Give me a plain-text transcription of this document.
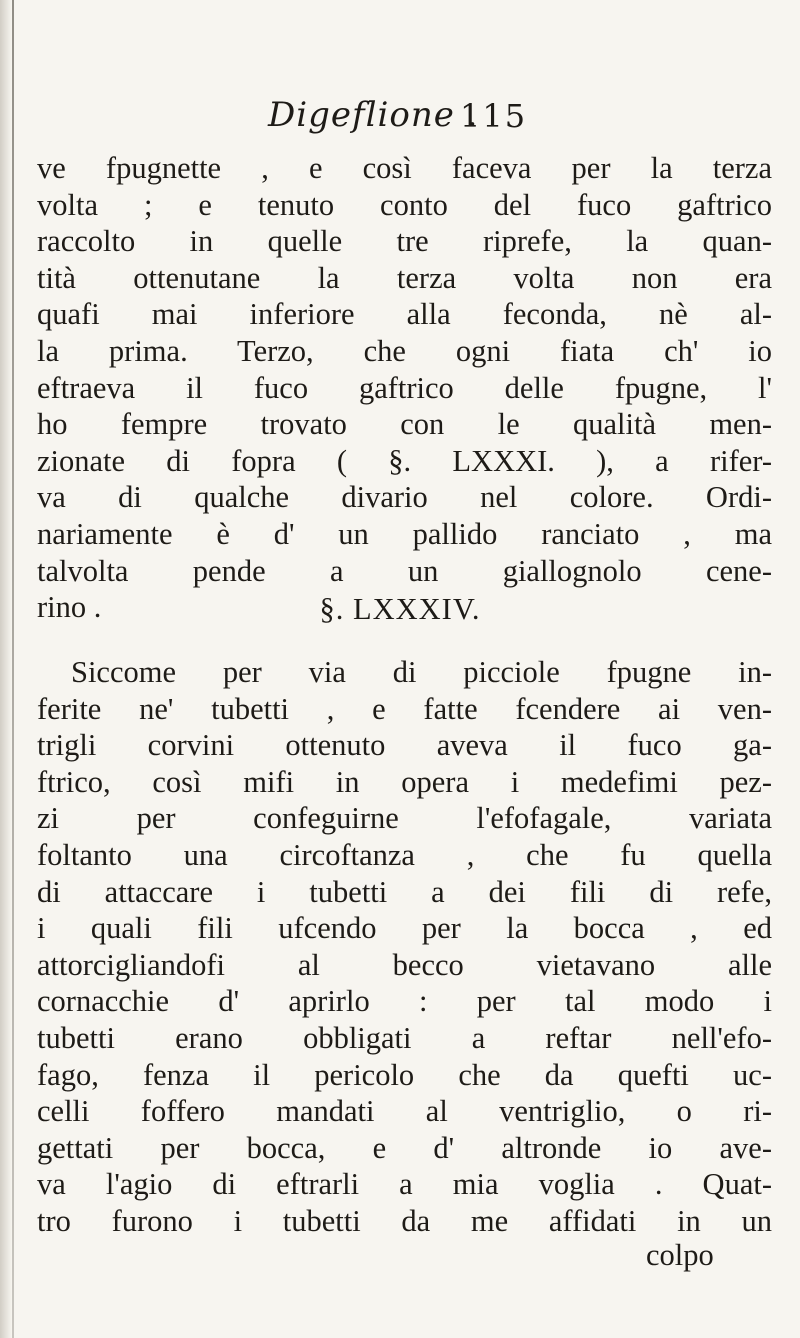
Digeflione .
115
ve fpugnette , e così faceva per la terza
volta ; e tenuto conto del fuco gaftrico
raccolto in quelle tre riprefe, la quan-
tità ottenutane la terza volta non era
quafi mai inferiore alla feconda, nè al-
la prima. Terzo, che ogni fiata ch' io
eftraeva il fuco gaftrico delle fpugne, l'
ho fempre trovato con le qualità men-
zionate di fopra ( §. LXXXI. ), a rifer-
va di qualche divario nel colore. Ordi-
nariamente è d' un pallido ranciato , ma
talvolta pende a un giallognolo cene-
rino .	§. LXXXIV.
Siccome per via di picciole fpugne in-
ferite ne' tubetti , e fatte fcendere ai ven-
trigli corvini ottenuto aveva il fuco ga-
ftrico, così mifi in opera i medefimi pez-
zi per confeguirne l'efofagale, variata
foltanto una circoftanza , che fu quella
di attaccare i tubetti a dei fili di refe,
i quali fili ufcendo per la bocca , ed
attorcigliandofi al becco vietavano alle
cornacchie d' aprirlo : per tal modo i
tubetti erano obbligati a reftar nell'efo-
fago, fenza il pericolo che da quefti uc-
celli foffero mandati al ventriglio, o ri-
gettati per bocca, e d' altronde io ave-
va l'agio di eftrarli a mia voglia . Quat-
tro furono i tubetti da me affidati in un
colpo
